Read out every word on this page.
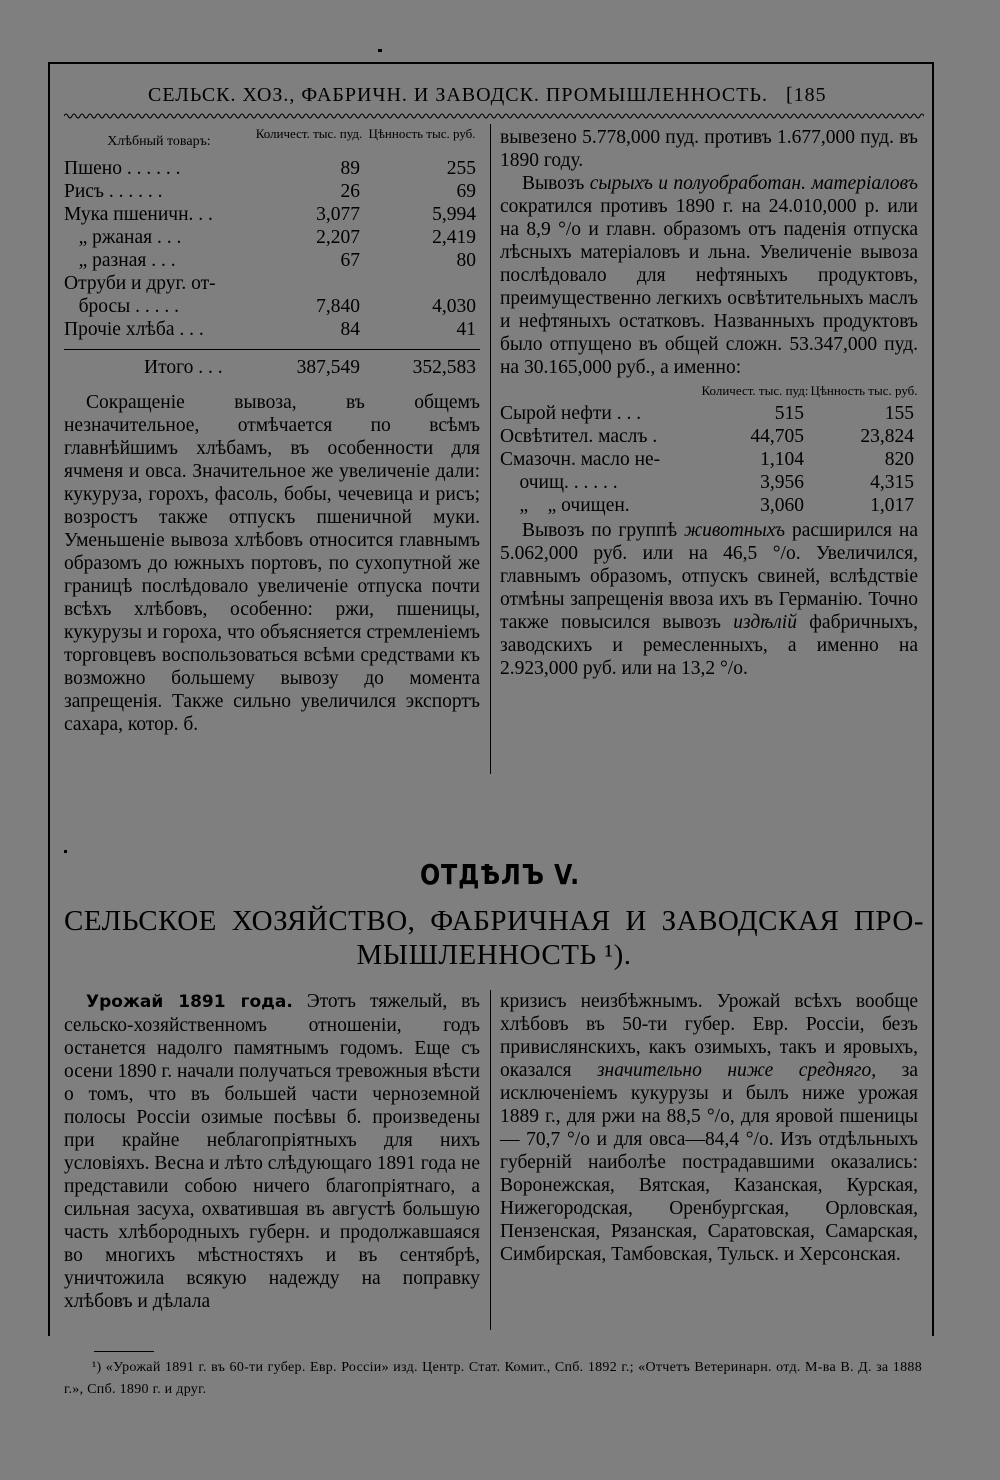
СЕЛЬСК. ХОЗ., ФАБРИЧН. И ЗАВОДСК. ПРОМЫШЛЕННОСТЬ. [185
Хлѣбный товаръ:
Количест. тыс. пуд. Цѣнность тыс. руб.
Пшено . . . . . .	89	255
Рисъ . . . . . .	26	69
Мука пшеничн. . .	3,077	5,994
„ ржаная . . .	2,207	2,419
„ разная . . .	67	80
Отруби и друг. от-
бросы . . . . .	7,840	4,030
Прочіе хлѣба . . .	84	41
Итого . . .	387,549	352,583

Сокращеніе вывоза, въ общемъ незначительное, отмѣчается по всѣмъ главнѣйшимъ хлѣбамъ, въ особенности для ячменя и овса. Значительное же увеличеніе дали: кукуруза, горохъ, фасоль, бобы, чечевица и рисъ; возростъ также отпускъ пшеничной муки. Уменьшеніе вывоза хлѣбовъ относится главнымъ образомъ до южныхъ портовъ, по сухопутной же границѣ послѣдовало увеличеніе отпуска почти всѣхъ хлѣбовъ, особенно: ржи, пшеницы, кукурузы и гороха, что объясняется стремленіемъ торговцевъ воспользоваться всѣми средствами къ возможно большему вывозу до момента запрещенія. Также сильно увеличился экспортъ сахара, котор. б.

вывезено 5.778,000 пуд. противъ 1.677,000 пуд. въ 1890 году.

Вывозъ сырыхъ и полуобработан. матеріаловъ сократился противъ 1890 г. на 24.010,000 р. или на 8,9 °/о и главн. образомъ отъ паденія отпуска лѣсныхъ матеріаловъ и льна. Увеличеніе вывоза послѣдовало для нефтяныхъ продуктовъ, преимущественно легкихъ освѣтительныхъ маслъ и нефтяныхъ остатковъ. Названныхъ продуктовъ было отпущено въ общей сложн. 53.347,000 пуд. на 30.165,000 руб., а именно:

Количест. тыс. пуд: Цѣнность тыс. руб.
Сырой нефти . . .	515	155
Освѣтител. маслъ .	44,705	23,824
Смазочн. масло не-	1,104	820
очищ. . . . . .	3,956	4,315
„    „ очищен.	3,060	1,017

Вывозъ по группѣ животныхъ расширился на 5.062,000 руб. или на 46,5 °/о. Увеличился, главнымъ образомъ, отпускъ свиней, вслѣдствіе отмѣны запрещенія ввоза ихъ въ Германію. Точно также повысился вывозъ издѣлій фабричныхъ, заводскихъ и ремесленныхъ, а именно на 2.923,000 руб. или на 13,2 °/о.

ОТДѢЛЪ V.
СЕЛЬСКОЕ ХОЗЯЙСТВО, ФАБРИЧНАЯ И ЗАВОДСКАЯ ПРО-
МЫШЛЕННОСТЬ ¹).

Урожай 1891 года. Этотъ тяжелый, въ сельско-хозяйственномъ отношеніи, годъ останется надолго памятнымъ годомъ. Еще съ осени 1890 г. начали получаться тревожныя вѣсти о томъ, что въ большей части черноземной полосы Россіи озимые посѣвы б. произведены при крайне неблагопріятныхъ для нихъ условіяхъ. Весна и лѣто слѣдующаго 1891 года не представили собою ничего благопріятнаго, а сильная засуха, охватившая въ августѣ большую часть хлѣбородныхъ губерн. и продолжавшаяся во многихъ мѣстностяхъ и въ сентябрѣ, уничтожила всякую надежду на поправку хлѣбовъ и дѣлала

кризисъ неизбѣжнымъ. Урожай всѣхъ вообще хлѣбовъ въ 50-ти губер. Евр. Россіи, безъ привислянскихъ, какъ озимыхъ, такъ и яровыхъ, оказался значительно ниже средняго, за исключеніемъ кукурузы и былъ ниже урожая 1889 г., для ржи на 88,5 °/о, для яровой пшеницы — 70,7 °/о и для овса—84,4 °/о. Изъ отдѣльныхъ губерній наиболѣе пострадавшими оказались: Воронежская, Вятская, Казанская, Курская, Нижегородская, Оренбургская, Орловская, Пензенская, Рязанская, Саратовская, Самарская, Симбирская, Тамбовская, Тульск. и Херсонская.

¹) «Урожай 1891 г. въ 60-ти губер. Евр. Россіи» изд. Центр. Стат. Комит., Спб. 1892 г.; «Отчетъ Ветеринарн. отд. М-ва В. Д. за 1888 г.», Спб. 1890 г. и друг.
